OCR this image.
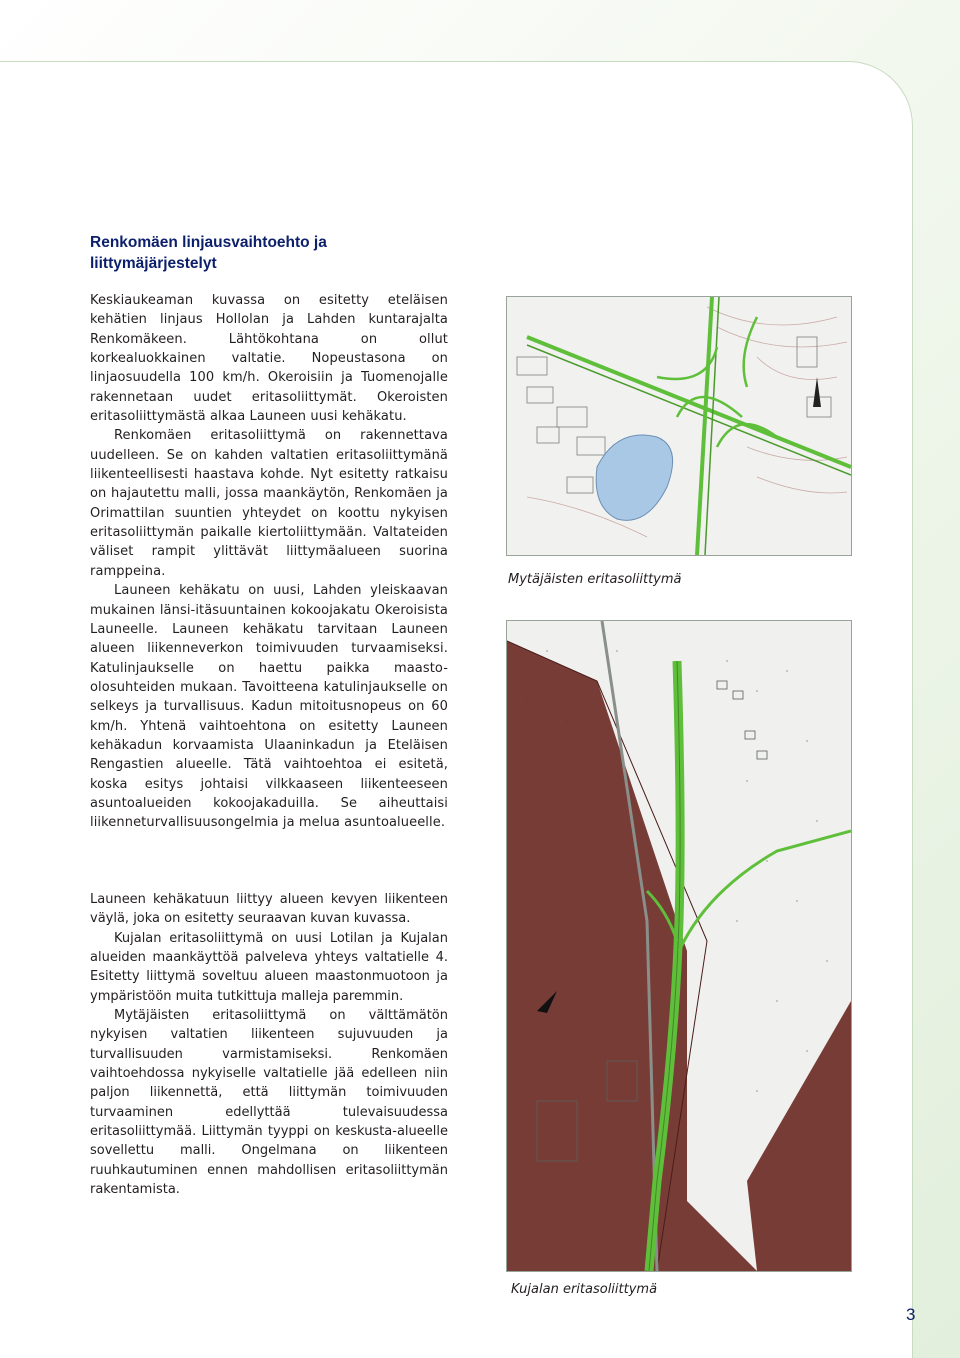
Renkomäen linjausvaihtoehto ja liittymäjärjestelyt

Keskiaukeaman kuvassa on esitetty eteläisen kehätien linjaus Hollolan ja Lahden kuntarajalta Renkomäkeen. Lähtökohtana on ollut korkealuokkainen valtatie. Nopeustasona on linjaosuudella 100 km/h. Okeroisiin ja Tuomenojalle rakennetaan uudet eritasoliittymät. Okeroisten eritasoliittymästä alkaa Launeen uusi kehäkatu.

Renkomäen eritasoliittymä on rakennettava uudelleen. Se on kahden valtatien eritasoliittymänä liikenteellisesti haastava kohde. Nyt esitetty ratkaisu on hajautettu malli, jossa maankäytön, Renkomäen ja Orimattilan suuntien yhteydet on koottu nykyisen eritasoliittymän paikalle kiertoliittymään. Valtateiden väliset rampit ylittävät liittymäalueen suorina ramppeina.

Launeen kehäkatu on uusi, Lahden yleiskaavan mukainen länsi-itäsuuntainen kokoojakatu Okeroisista Launeelle. Launeen kehäkatu tarvitaan Launeen alueen liikenneverkon toimivuuden turvaamiseksi. Katulinjaukselle on haettu paikka maasto-olosuhteiden mukaan. Tavoitteena katulinjaukselle on selkeys ja turvallisuus. Kadun mitoitusnopeus on 60 km/h. Yhtenä vaihtoehtona on esitetty Launeen kehäkadun korvaamista Ulaaninkadun ja Eteläisen Rengastien alueelle. Tätä vaihtoehtoa ei esitetä, koska esitys johtaisi vilkkaaseen liikenteeseen asuntoalueiden kokoojakaduilla. Se aiheuttaisi liikenneturvallisuusongelmia ja melua asuntoalueelle.

Launeen kehäkatuun liittyy alueen kevyen liikenteen väylä, joka on esitetty seuraavan kuvan kuvassa.

Kujalan eritasoliittymä on uusi Lotilan ja Kujalan alueiden maankäyttöä palveleva yhteys valtatielle 4. Esitetty liittymä soveltuu alueen maastonmuotoon ja ympäristöön muita tutkittuja malleja paremmin.

Mytäjäisten eritasoliittymä on välttämätön nykyisen valtatien liikenteen sujuvuuden ja turvallisuuden varmistamiseksi. Renkomäen vaihtoehdossa nykyiselle valtatielle jää edelleen niin paljon liikennettä, että liittymän toimivuuden turvaaminen edellyttää tulevaisuudessa eritasoliittymää. Liittymän tyyppi on keskusta-alueelle sovellettu malli. Ongelmana on liikenteen ruuhkautuminen ennen mahdollisen eritasoliittymän rakentamista.

Mytäjäisten eritasoliittymä
Kujalan eritasoliittymä
3
